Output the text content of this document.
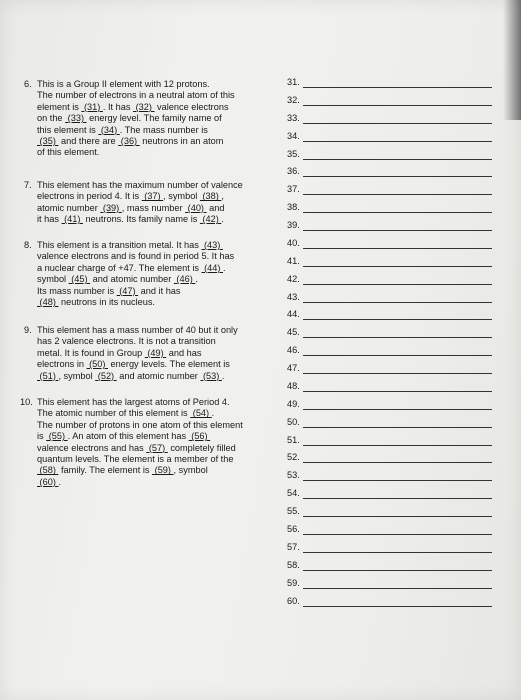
6. This is a Group II element with 12 protons.
The number of electrons in a neutral atom of this
element is  (31) . It has  (32)  valence electrons
on the  (33)  energy level. The family name of
this element is  (34) . The mass number is
(35)  and there are  (36)  neutrons in an atom
of this element.
7. This element has the maximum number of valence
electrons in period 4. It is  (37) , symbol  (38) ,
atomic number  (39) , mass number  (40)  and
it has  (41)  neutrons. Its family name is  (42) .
8. This element is a transition metal. It has  (43)
valence electrons and is found in period 5. It has
a nuclear charge of +47. The element is  (44) .
symbol  (45)  and atomic number  (46) .
Its mass number is  (47)  and it has
(48)  neutrons in its nucleus.
9. This element has a mass number of 40 but it only
has 2 valence electrons. It is not a transition
metal. It is found in Group  (49)  and has
electrons in  (50)  energy levels. The element is
(51) , symbol  (52)  and atomic number  (53) .
10. This element has the largest atoms of Period 4.
The atomic number of this element is  (54) .
The number of protons in one atom of this element
is  (55) . An atom of this element has  (56)
valence electrons and has  (57)  completely filled
quantum levels. The element is a member of the
(58)  family. The element is  (59) , symbol
(60) .
31.
32.
33.
34.
35.
36.
37.
38.
39.
40.
41.
42.
43.
44.
45.
46.
47.
48.
49.
50.
51.
52.
53.
54.
55.
56.
57.
58.
59.
60.
